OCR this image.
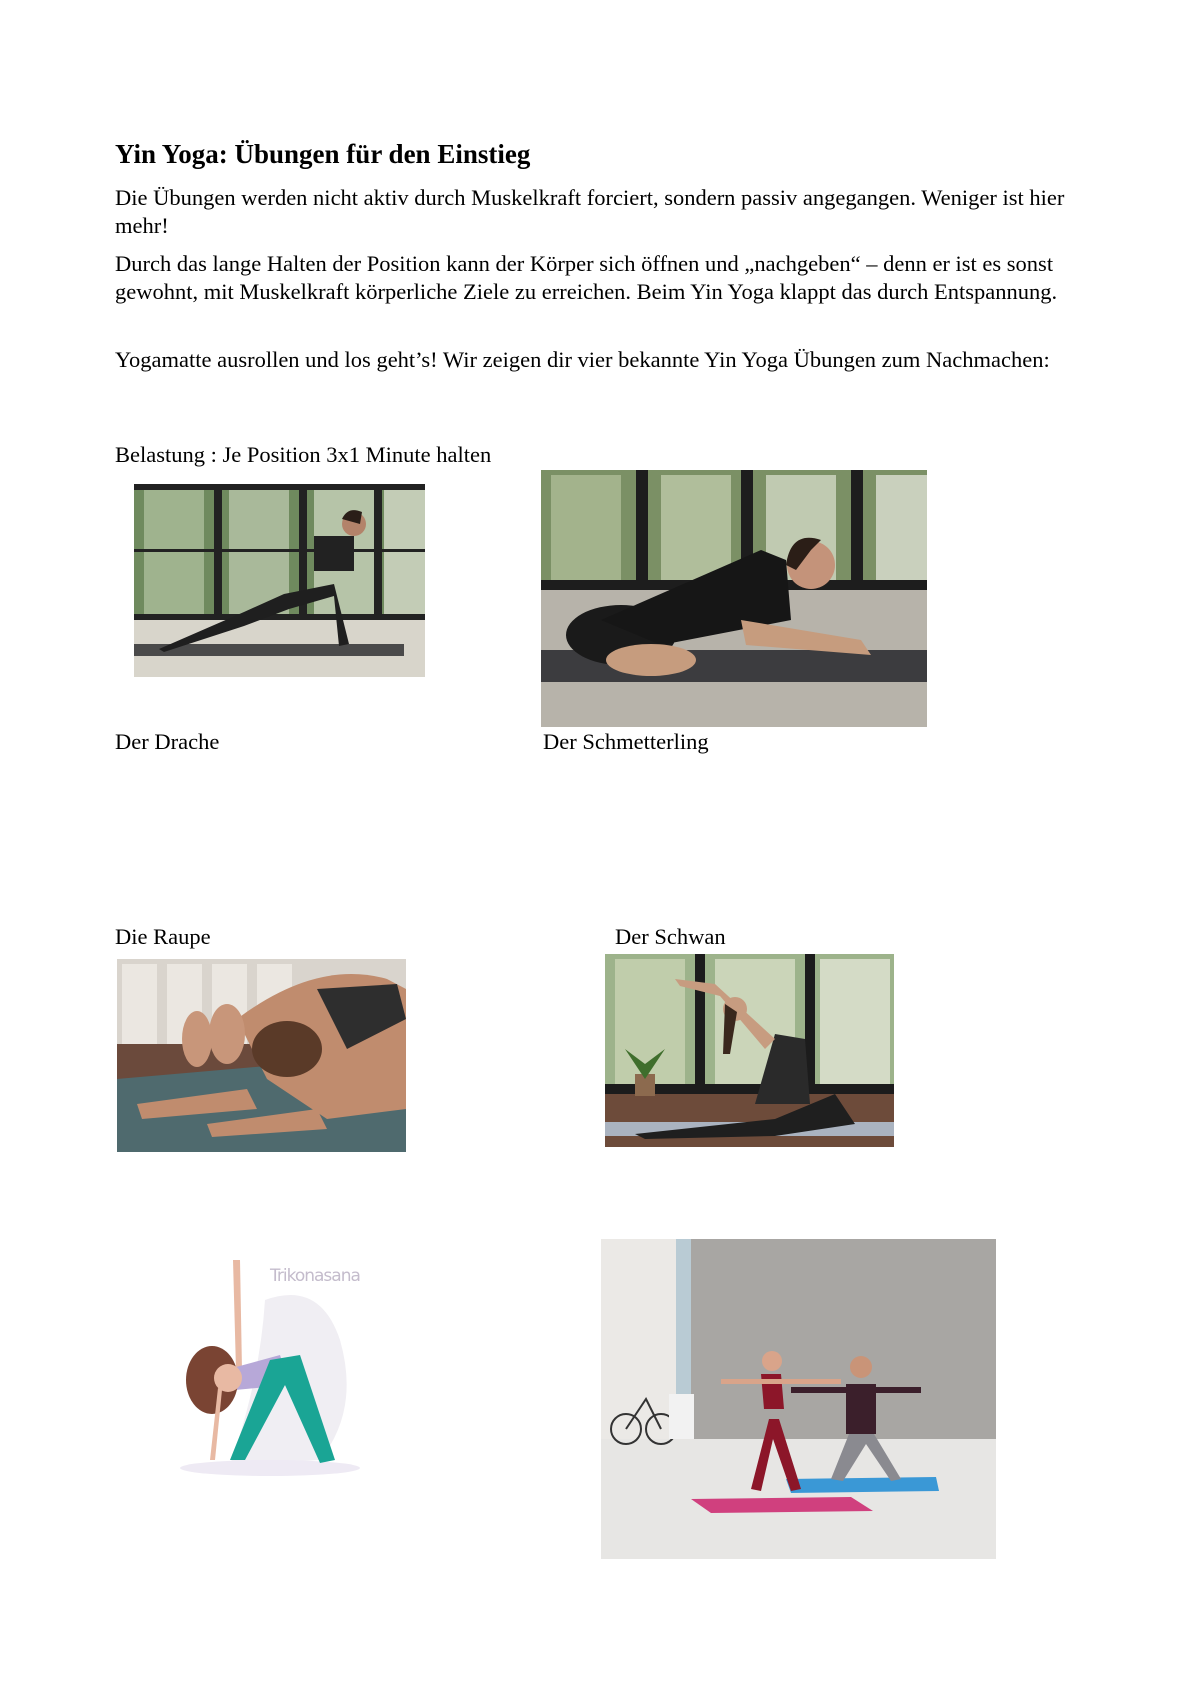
Yin Yoga: Übungen für den Einstieg
Die Übungen werden nicht aktiv durch Muskelkraft forciert, sondern passiv angegangen. Weniger ist hier mehr!
Durch das lange Halten der Position kann der Körper sich öffnen und „nachgeben“ – denn er ist es sonst gewohnt, mit Muskelkraft körperliche Ziele zu erreichen. Beim Yin Yoga klappt das durch Entspannung.
Yogamatte ausrollen und los geht’s! Wir zeigen dir vier bekannte Yin Yoga Übungen zum Nachmachen:
Belastung : Je Position 3x1 Minute halten
Der Drache	Der Schmetterling
Die Raupe	Der Schwan
Trikonasana
